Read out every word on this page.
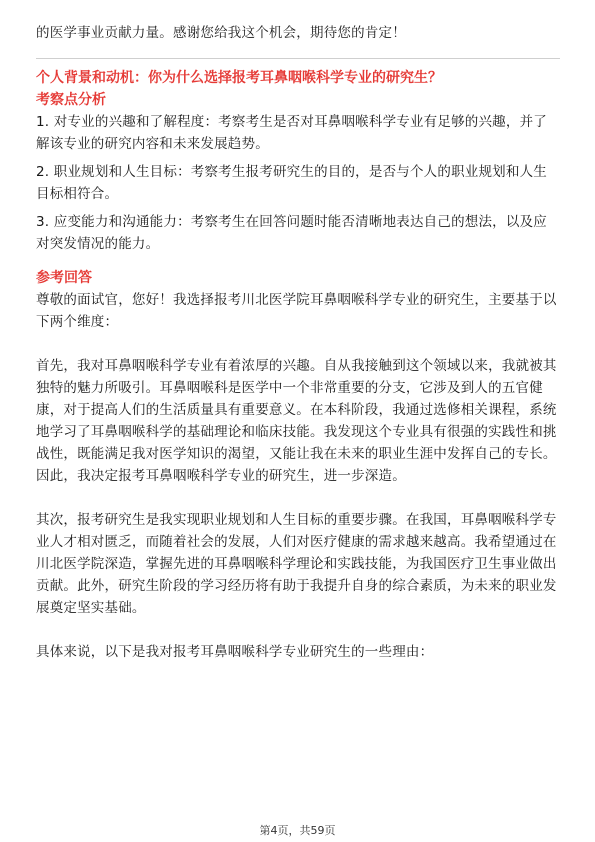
的医学事业贡献力量。感谢您给我这个机会，期待您的肯定！

个人背景和动机：你为什么选择报考耳鼻咽喉科学专业的研究生？

考察点分析

1. 对专业的兴趣和了解程度：考察考生是否对耳鼻咽喉科学专业有足够的兴趣，并了解该专业的研究内容和未来发展趋势。

2. 职业规划和人生目标：考察考生报考研究生的目的，是否与个人的职业规划和人生目标相符合。

3. 应变能力和沟通能力：考察考生在回答问题时能否清晰地表达自己的想法，以及应对突发情况的能力。

参考回答

尊敬的面试官，您好！我选择报考川北医学院耳鼻咽喉科学专业的研究生，主要基于以下两个维度：

首先，我对耳鼻咽喉科学专业有着浓厚的兴趣。自从我接触到这个领域以来，我就被其独特的魅力所吸引。耳鼻咽喉科是医学中一个非常重要的分支，它涉及到人的五官健康，对于提高人们的生活质量具有重要意义。在本科阶段，我通过选修相关课程，系统地学习了耳鼻咽喉科学的基础理论和临床技能。我发现这个专业具有很强的实践性和挑战性，既能满足我对医学知识的渴望，又能让我在未来的职业生涯中发挥自己的专长。因此，我决定报考耳鼻咽喉科学专业的研究生，进一步深造。

其次，报考研究生是我实现职业规划和人生目标的重要步骤。在我国，耳鼻咽喉科学专业人才相对匮乏，而随着社会的发展，人们对医疗健康的需求越来越高。我希望通过在川北医学院深造，掌握先进的耳鼻咽喉科学理论和实践技能，为我国医疗卫生事业做出贡献。此外，研究生阶段的学习经历将有助于我提升自身的综合素质，为未来的职业发展奠定坚实基础。

具体来说，以下是我对报考耳鼻咽喉科学专业研究生的一些理由：

第4页，共59页
